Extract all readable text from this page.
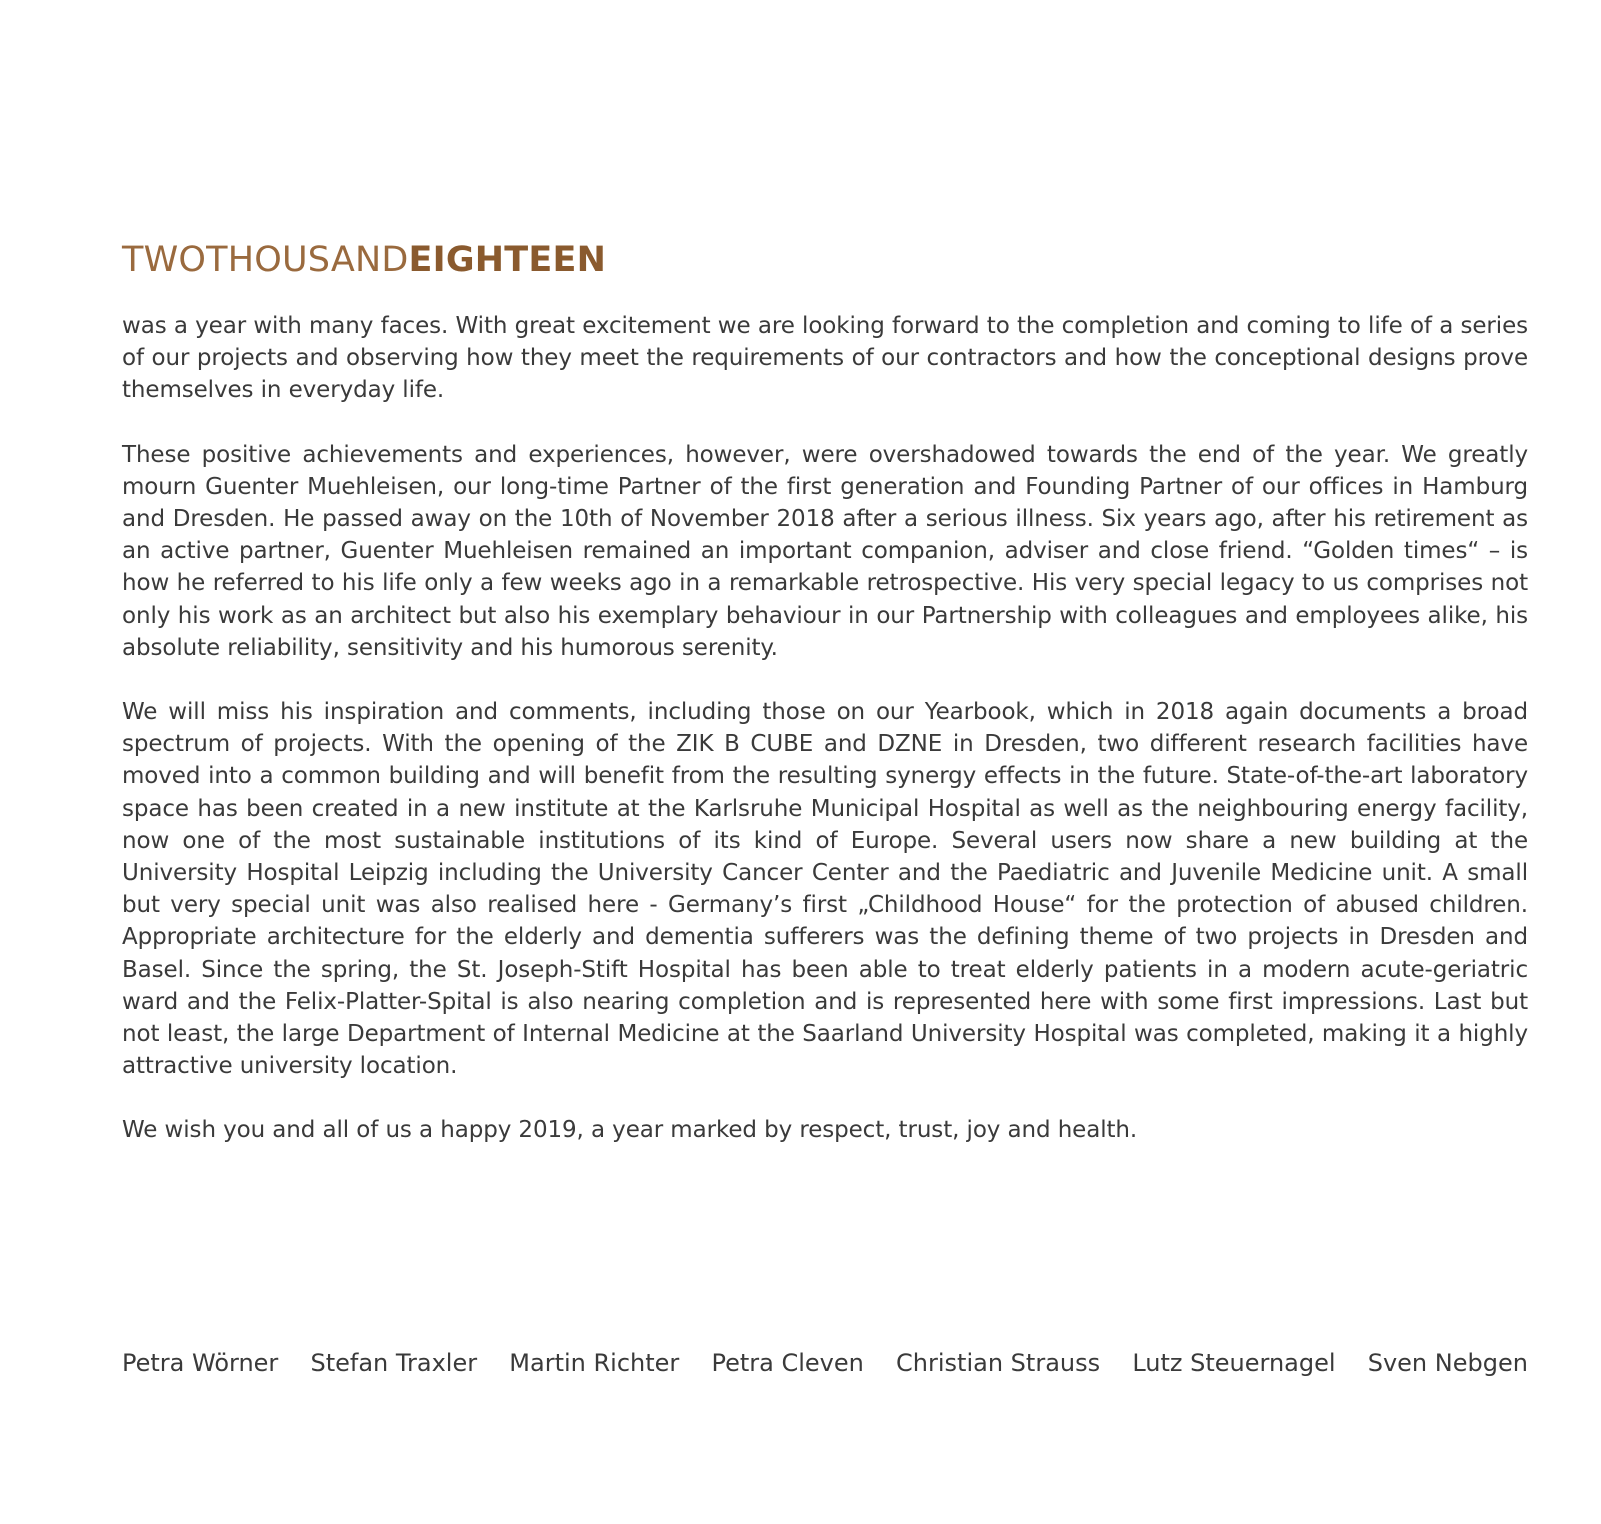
TWOTHOUSANDEIGHTEEN

was a year with many faces. With great excitement we are looking forward to the completion and coming to life of a series of our projects and observing how they meet the requirements of our contractors and how the conceptional designs prove themselves in everyday life.

These positive achievements and experiences, however, were overshadowed towards the end of the year. We greatly mourn Guenter Muehleisen, our long-time Partner of the first generation and Founding Partner of our offices in Hamburg and Dresden. He passed away on the 10th of November 2018 after a serious illness. Six years ago, after his retirement as an active partner, Guenter Muehleisen remained an important companion, adviser and close friend. “Golden times“ – is how he referred to his life only a few weeks ago in a remarkable retrospective. His very special legacy to us comprises not only his work as an architect but also his exemplary behaviour in our Partnership with colleagues and employees alike, his absolute reliability, sensitivity and his humorous serenity.

We will miss his inspiration and comments, including those on our Yearbook, which in 2018 again documents a broad spectrum of projects. With the opening of the ZIK B CUBE and DZNE in Dresden, two different research facilities have moved into a common building and will benefit from the resulting synergy effects in the future. State-of-the-art laboratory space has been created in a new institute at the Karlsruhe Municipal Hospital as well as the neighbouring energy facility, now one of the most sustainable institutions of its kind of Europe. Several users now share a new building at the University Hospital Leipzig including the University Cancer Center and the Paediatric and Juvenile Medicine unit. A small but very special unit was also realised here - Germany’s first „Childhood House“ for the protection of abused children. Appropriate architecture for the elderly and dementia sufferers was the defining theme of two projects in Dresden and Basel. Since the spring, the St. Joseph-Stift Hospital has been able to treat elderly patients in a modern acute-geriatric ward and the Felix-Platter-Spital is also nearing completion and is represented here with some first impressions. Last but not least, the large Department of Internal Medicine at the Saarland University Hospital was completed, making it a highly attractive university location.

We wish you and all of us a happy 2019, a year marked by respect, trust, joy and health.

Petra Wörner Stefan Traxler Martin Richter Petra Cleven Christian Strauss Lutz Steuernagel Sven Nebgen
